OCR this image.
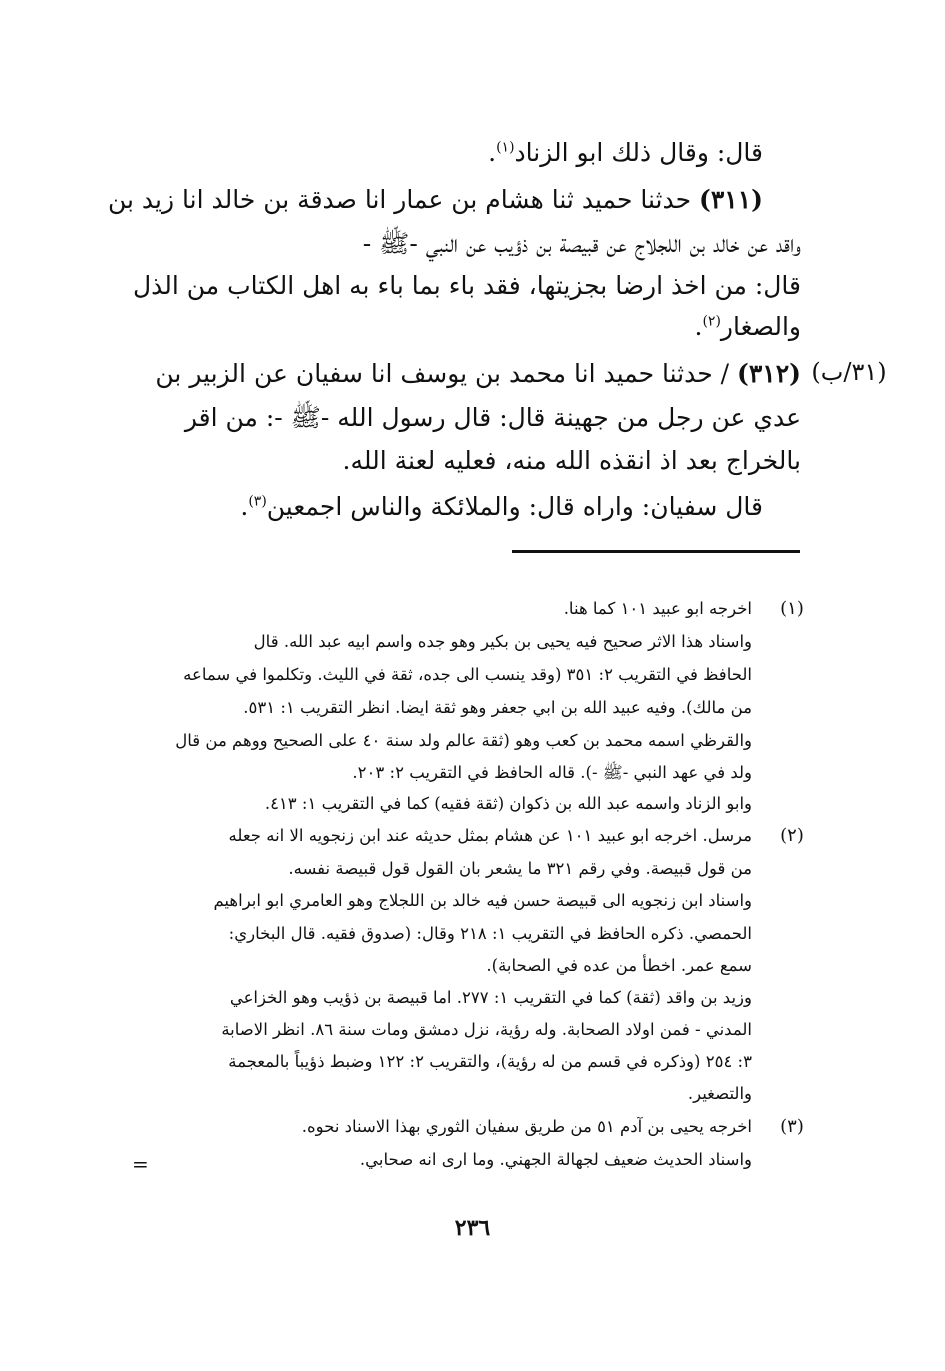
قال: وقال ذلك ابو الزناد$^{(١)}$.
(٣١١) حدثنا حميد ثنا هشام بن عمار انا صدقة بن خالد انا زيد بن
واقد عن خالد بن اللجلاج عن قبيصة بن ذؤيب عن النبي -ﷺ -
قال: من اخذ ارضا بجزيتها، فقد باء بما باء به اهل الكتاب من الذل
والصغار$^{(٢)}$.
(٣١/ب)
(٣١٢) / حدثنا حميد انا محمد بن يوسف انا سفيان عن الزبير بن
عدي عن رجل من جهينة قال: قال رسول الله -ﷺ -: من اقر
بالخراج بعد اذ انقذه الله منه، فعليه لعنة الله.
قال سفيان: واراه قال: والملائكة والناس اجمعين$^{(٣)}$.
(١)
اخرجه ابو عبيد ١٠١ كما هنا.
واسناد هذا الاثر صحيح فيه يحيى بن بكير وهو جده واسم ابيه عبد الله. قال
الحافظ في التقريب ٢: ٣٥١ (وقد ينسب الى جده، ثقة في الليث. وتكلموا في سماعه
من مالك). وفيه عبيد الله بن ابي جعفر وهو ثقة ايضا. انظر التقريب ١: ٥٣١.
والقرظي اسمه محمد بن كعب وهو (ثقة عالم ولد سنة ٤٠ على الصحيح ووهم من قال
ولد في عهد النبي -ﷺ -). قاله الحافظ في التقريب ٢: ٢٠٣.
وابو الزناد واسمه عبد الله بن ذكوان (ثقة فقيه) كما في التقريب ١: ٤١٣.
(٢)
مرسل. اخرجه ابو عبيد ١٠١ عن هشام بمثل حديثه عند ابن زنجويه الا انه جعله
من قول قبيصة. وفي رقم ٣٢١ ما يشعر بان القول قول قبيصة نفسه.
واسناد ابن زنجويه الى قبيصة حسن فيه خالد بن اللجلاج وهو العامري ابو ابراهيم
الحمصي. ذكره الحافظ في التقريب ١: ٢١٨ وقال: (صدوق فقيه. قال البخاري:
سمع عمر. اخطأ من عده في الصحابة).
وزيد بن واقد (ثقة) كما في التقريب ١: ٢٧٧. اما قبيصة بن ذؤيب وهو الخزاعي
المدني - فمن اولاد الصحابة. وله رؤية، نزل دمشق ومات سنة ٨٦. انظر الاصابة
٣: ٢٥٤ (وذكره في قسم من له رؤية)، والتقريب ٢: ١٢٢ وضبط ذؤيباً بالمعجمة
والتصغير.
(٣)
اخرجه يحيى بن آدم ٥١ من طريق سفيان الثوري بهذا الاسناد نحوه.
واسناد الحديث ضعيف لجهالة الجهني. وما ارى انه صحابي.
=
٢٣٦
